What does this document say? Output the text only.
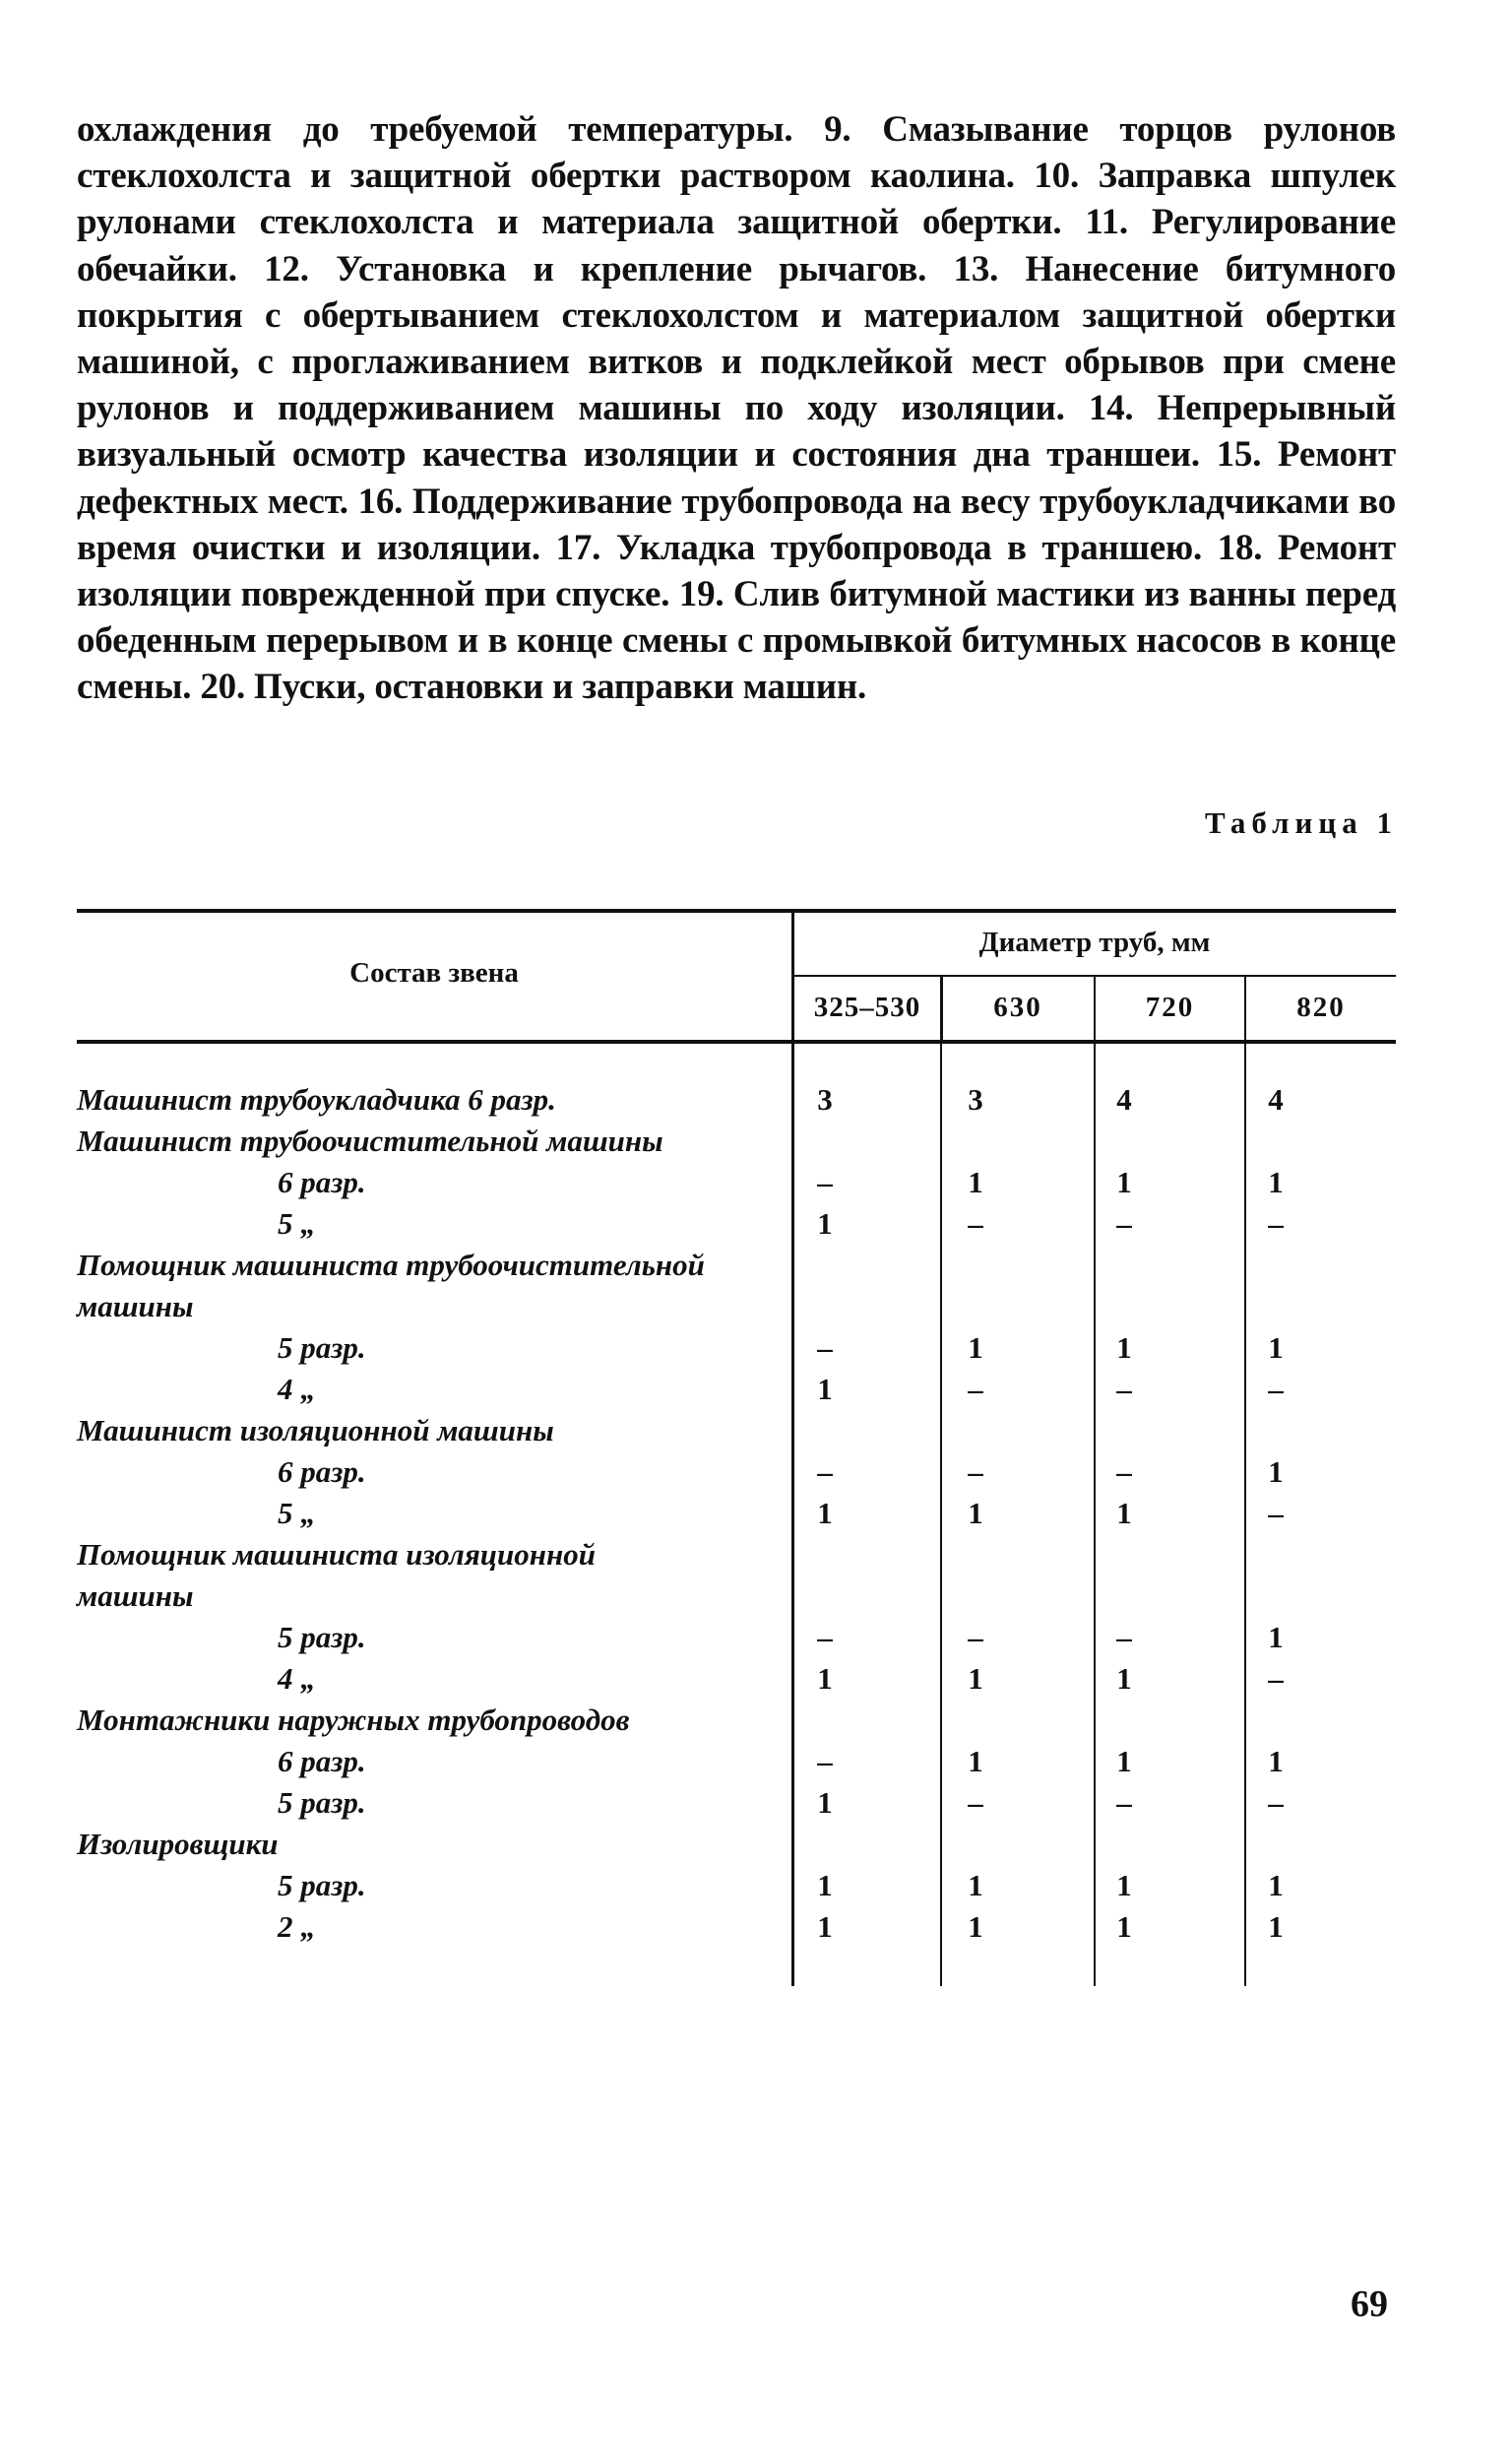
охлаждения до требуемой температуры. 9. Смазывание торцов рулонов стеклохолста и защитной обертки раствором каолина. 10. Заправка шпулек рулонами стеклохолста и материала защитной обертки. 11. Регулирование обечайки. 12. Установка и крепление рычагов. 13. Нанесение битумного покрытия с обертыванием стеклохолстом и материалом защитной обертки машиной, с проглаживанием витков и подклейкой мест обрывов при смене рулонов и поддерживанием машины по ходу изоляции. 14. Непрерывный визуальный осмотр качества изоляции и состояния дна траншеи. 15. Ремонт дефектных мест. 16. Поддерживание трубопровода на весу трубоукладчиками во время очистки и изоляции. 17. Укладка трубопровода в траншею. 18. Ремонт изоляции поврежденной при спуске. 19. Слив битумной мастики из ванны перед обеденным перерывом и в конце смены с промывкой битумных насосов в конце смены. 20. Пуски, остановки и заправки машин.
Таблица 1
Состав звена
Диаметр труб, мм
325–530	630	720	820
Машинист трубоукладчика 6 разр.	3	3	4	4
Машинист трубоочистительной машины
6 разр.	–	1	1	1
5 „	1	–	–	–
Помощник машиниста трубоочистительной
машины
5 разр.	–	1	1	1
4 „	1	–	–	–
Машинист изоляционной машины
6 разр.	–	–	–	1
5 „	1	1	1	–
Помощник машиниста изоляционной
машины
5 разр.	–	–	–	1
4 „	1	1	1	–
Монтажники наружных трубопроводов
6 разр.	–	1	1	1
5 разр.	1	–	–	–
Изолировщики
5 разр.	1	1	1	1
2 „	1	1	1	1
69
